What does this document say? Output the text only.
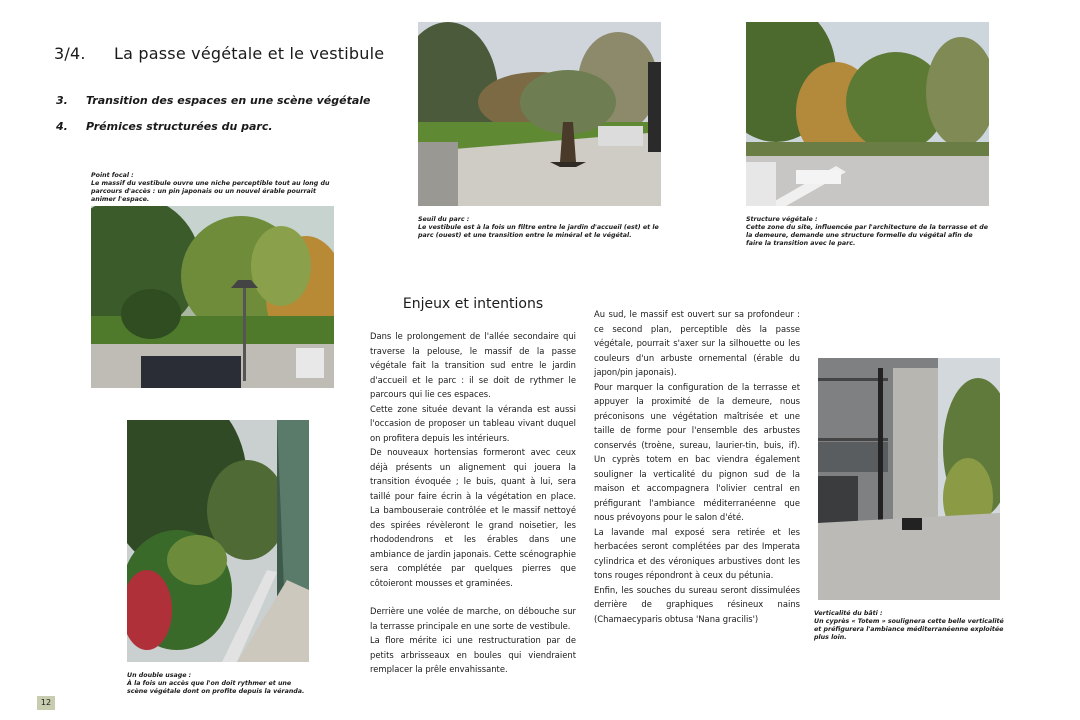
3/4. La passe végétale et le vestibule
3. Transition des espaces en une scène végétale
4. Prémices structurées du parc.
Point focal :
Le massif du vestibule ouvre une niche perceptible tout au long du parcours d'accès : un pin japonais ou un nouvel érable pourrait animer l'espace.
Seuil du parc :
Le vestibule est à la fois un filtre entre le jardin d'accueil (est) et le parc (ouest) et une transition entre le minéral et le végétal.
Structure végétale :
Cette zone du site, influencée par l'architecture de la terrasse et de la demeure, demande une structure formelle du végétal afin de faire la transition avec le parc.
Un double usage :
À la fois un accès que l'on doit rythmer et une scène végétale dont on profite depuis la véranda.
Verticalité du bâti :
Un cyprès « Totem » soulignera cette belle verticalité et préfigurera l'ambiance méditerranéenne exploitée plus loin.
Enjeux et intentions

Dans le prolongement de l'allée secondaire qui traverse la pelouse, le massif de la passe végétale fait la transition sud entre le jardin d'accueil et le parc : il se doit de rythmer le parcours qui lie ces espaces.

Cette zone située devant la véranda est aussi l'occasion de proposer un tableau vivant duquel on profitera depuis les intérieurs.

De nouveaux hortensias formeront avec ceux déjà présents un alignement qui jouera la transition évoquée ; le buis, quant à lui, sera taillé pour faire écrin à la végétation en place. La bambouseraie contrôlée et le massif nettoyé des spirées révèleront le grand noisetier, les rhododendrons et les érables dans une ambiance de jardin japonais. Cette scénographie sera complétée par quelques pierres que côtoieront mousses et graminées.

Derrière une volée de marche, on débouche sur la terrasse principale en une sorte de vestibule.

La flore mérite ici une restructuration par de petits arbrisseaux en boules qui viendraient remplacer la prêle envahissante.

Au sud, le massif est ouvert sur sa profondeur : ce second plan, perceptible dès la passe végétale, pourrait s'axer sur la silhouette ou les couleurs d'un arbuste ornemental (érable du japon/pin japonais).

Pour marquer la configuration de la terrasse et appuyer la proximité de la demeure, nous préconisons une végétation maîtrisée et une taille de forme pour l'ensemble des arbustes conservés (troène, sureau, laurier-tin, buis, if). Un cyprès totem en bac viendra également souligner la verticalité du pignon sud de la maison et accompagnera l'olivier central en préfigurant l'ambiance méditerranéenne que nous prévoyons pour le salon d'été.

La lavande mal exposé sera retirée et les herbacées seront complétées par des Imperata cylindrica et des véroniques arbustives dont les tons rouges répondront à ceux du pétunia.

Enfin, les souches du sureau seront dissimulées derrière de graphiques résineux nains (Chamaecyparis obtusa 'Nana gracilis')

12
